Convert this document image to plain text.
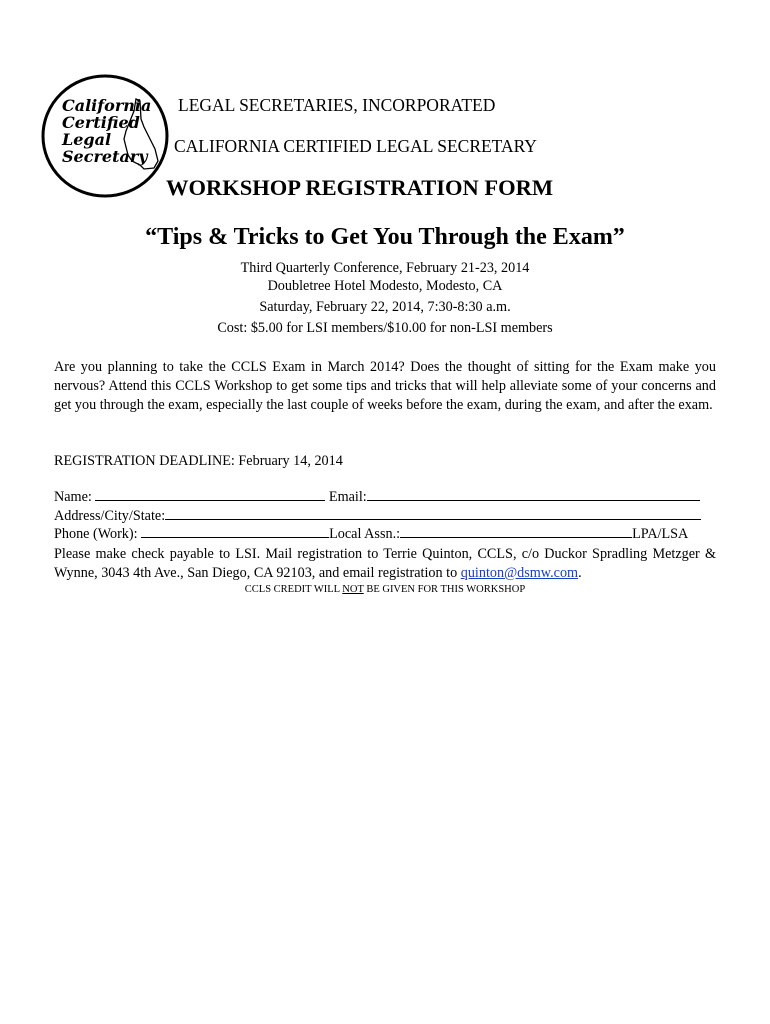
California
Certified
Legal
Secretary
LEGAL SECRETARIES, INCORPORATED
CALIFORNIA CERTIFIED LEGAL SECRETARY
WORKSHOP REGISTRATION FORM
“Tips & Tricks to Get You Through the Exam”
Third Quarterly Conference, February 21-23, 2014
Doubletree Hotel Modesto, Modesto, CA
Saturday, February 22, 2014, 7:30-8:30 a.m.
Cost: $5.00 for LSI members/$10.00 for non-LSI members
Are you planning to take the CCLS Exam in March 2014? Does the thought of sitting for the Exam make you nervous? Attend this CCLS Workshop to get some tips and tricks that will help alleviate some of your concerns and get you through the exam, especially the last couple of weeks before the exam, during the exam, and after the exam.
REGISTRATION DEADLINE: February 14, 2014
Name:	Email:
Address/City/State:
Phone (Work):	Local Assn.:	LPA/LSA
Please make check payable to LSI. Mail registration to Terrie Quinton, CCLS, c/o Duckor Spradling Metzger & Wynne, 3043 4th Ave., San Diego, CA 92103, and email registration to quinton@dsmw.com.
CCLS CREDIT WILL NOT BE GIVEN FOR THIS WORKSHOP
